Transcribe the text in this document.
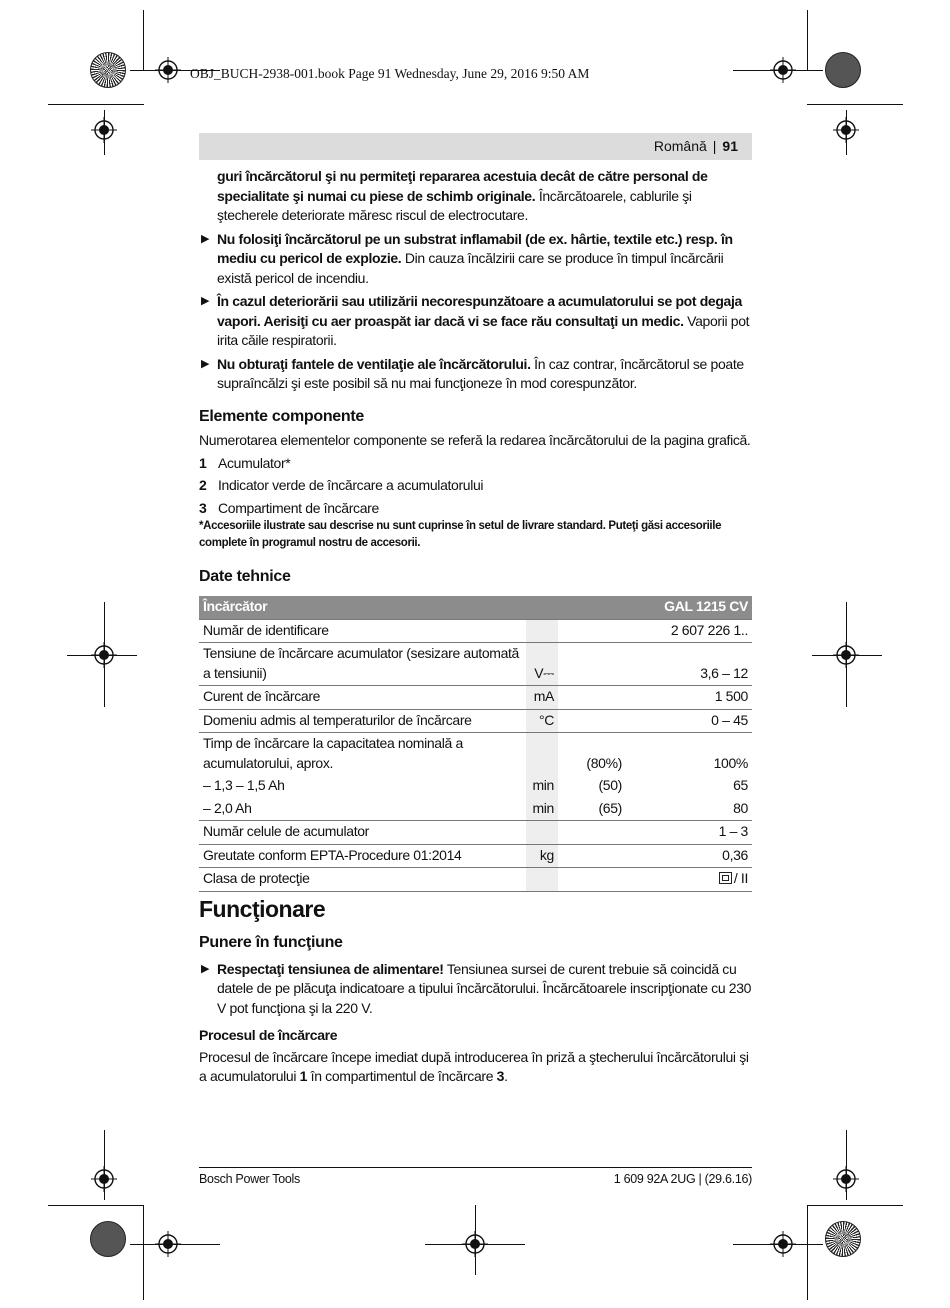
OBJ_BUCH-2938-001.book Page 91 Wednesday, June 29, 2016 9:50 AM
Română | 91

guri încărcătorul şi nu permiteţi repararea acestuia decât de către personal de specialitate şi numai cu piese de schimb originale. Încărcătoarele, cablurile şi ştecherele deteriorate măresc riscul de electrocutare.

▶ Nu folosiţi încărcătorul pe un substrat inflamabil (de ex. hârtie, textile etc.) resp. în mediu cu pericol de explozie. Din cauza încălzirii care se produce în timpul încărcării există pericol de incendiu.

▶ În cazul deteriorării sau utilizării necorespunzătoare a acumulatorului se pot degaja vapori. Aerisiţi cu aer proaspăt iar dacă vi se face rău consultaţi un medic. Vaporii pot irita căile respiratorii.

▶ Nu obturaţi fantele de ventilaţie ale încărcătorului. În caz contrar, încărcătorul se poate supraîncălzi şi este posibil să nu mai funcţioneze în mod corespunzător.

Elemente componente

Numerotarea elementelor componente se referă la redarea încărcătorului de la pagina grafică.

1 Acumulator*
2 Indicator verde de încărcare a acumulatorului
3 Compartiment de încărcare

*Accesoriile ilustrate sau descrise nu sunt cuprinse în setul de livrare standard. Puteţi găsi accesoriile complete în programul nostru de accesorii.

Date tehnice
Încărcător			GAL 1215 CV
Număr de identificare			2 607 226 1..
Tensiune de încărcare acumulator (sesizare automată a tensiunii)	V⎓		3,6 – 12
Curent de încărcare	mA		1 500
Domeniu admis al temperaturilor de încărcare	°C		0 – 45
Timp de încărcare la capacitatea nominală a acumulatorului, aprox.		(80%)	100%
– 1,3 – 1,5 Ah	min	(50)	65
– 2,0 Ah	min	(65)	80
Număr celule de acumulator			1 – 3
Greutate conform EPTA-Procedure 01:2014	kg		0,36
Clasa de protecţie			/ II
Funcţionare
Punere în funcţiune

▶ Respectaţi tensiunea de alimentare! Tensiunea sursei de curent trebuie să coincidă cu datele de pe plăcuţa indicatoare a tipului încărcătorului. Încărcătoarele inscripţionate cu 230 V pot funcţiona şi la 220 V.

Procesul de încărcare

Procesul de încărcare începe imediat după introducerea în priză a ştecherului încărcătorului şi a acumulatorului 1 în compartimentul de încărcare 3.

Bosch Power Tools	1 609 92A 2UG | (29.6.16)
